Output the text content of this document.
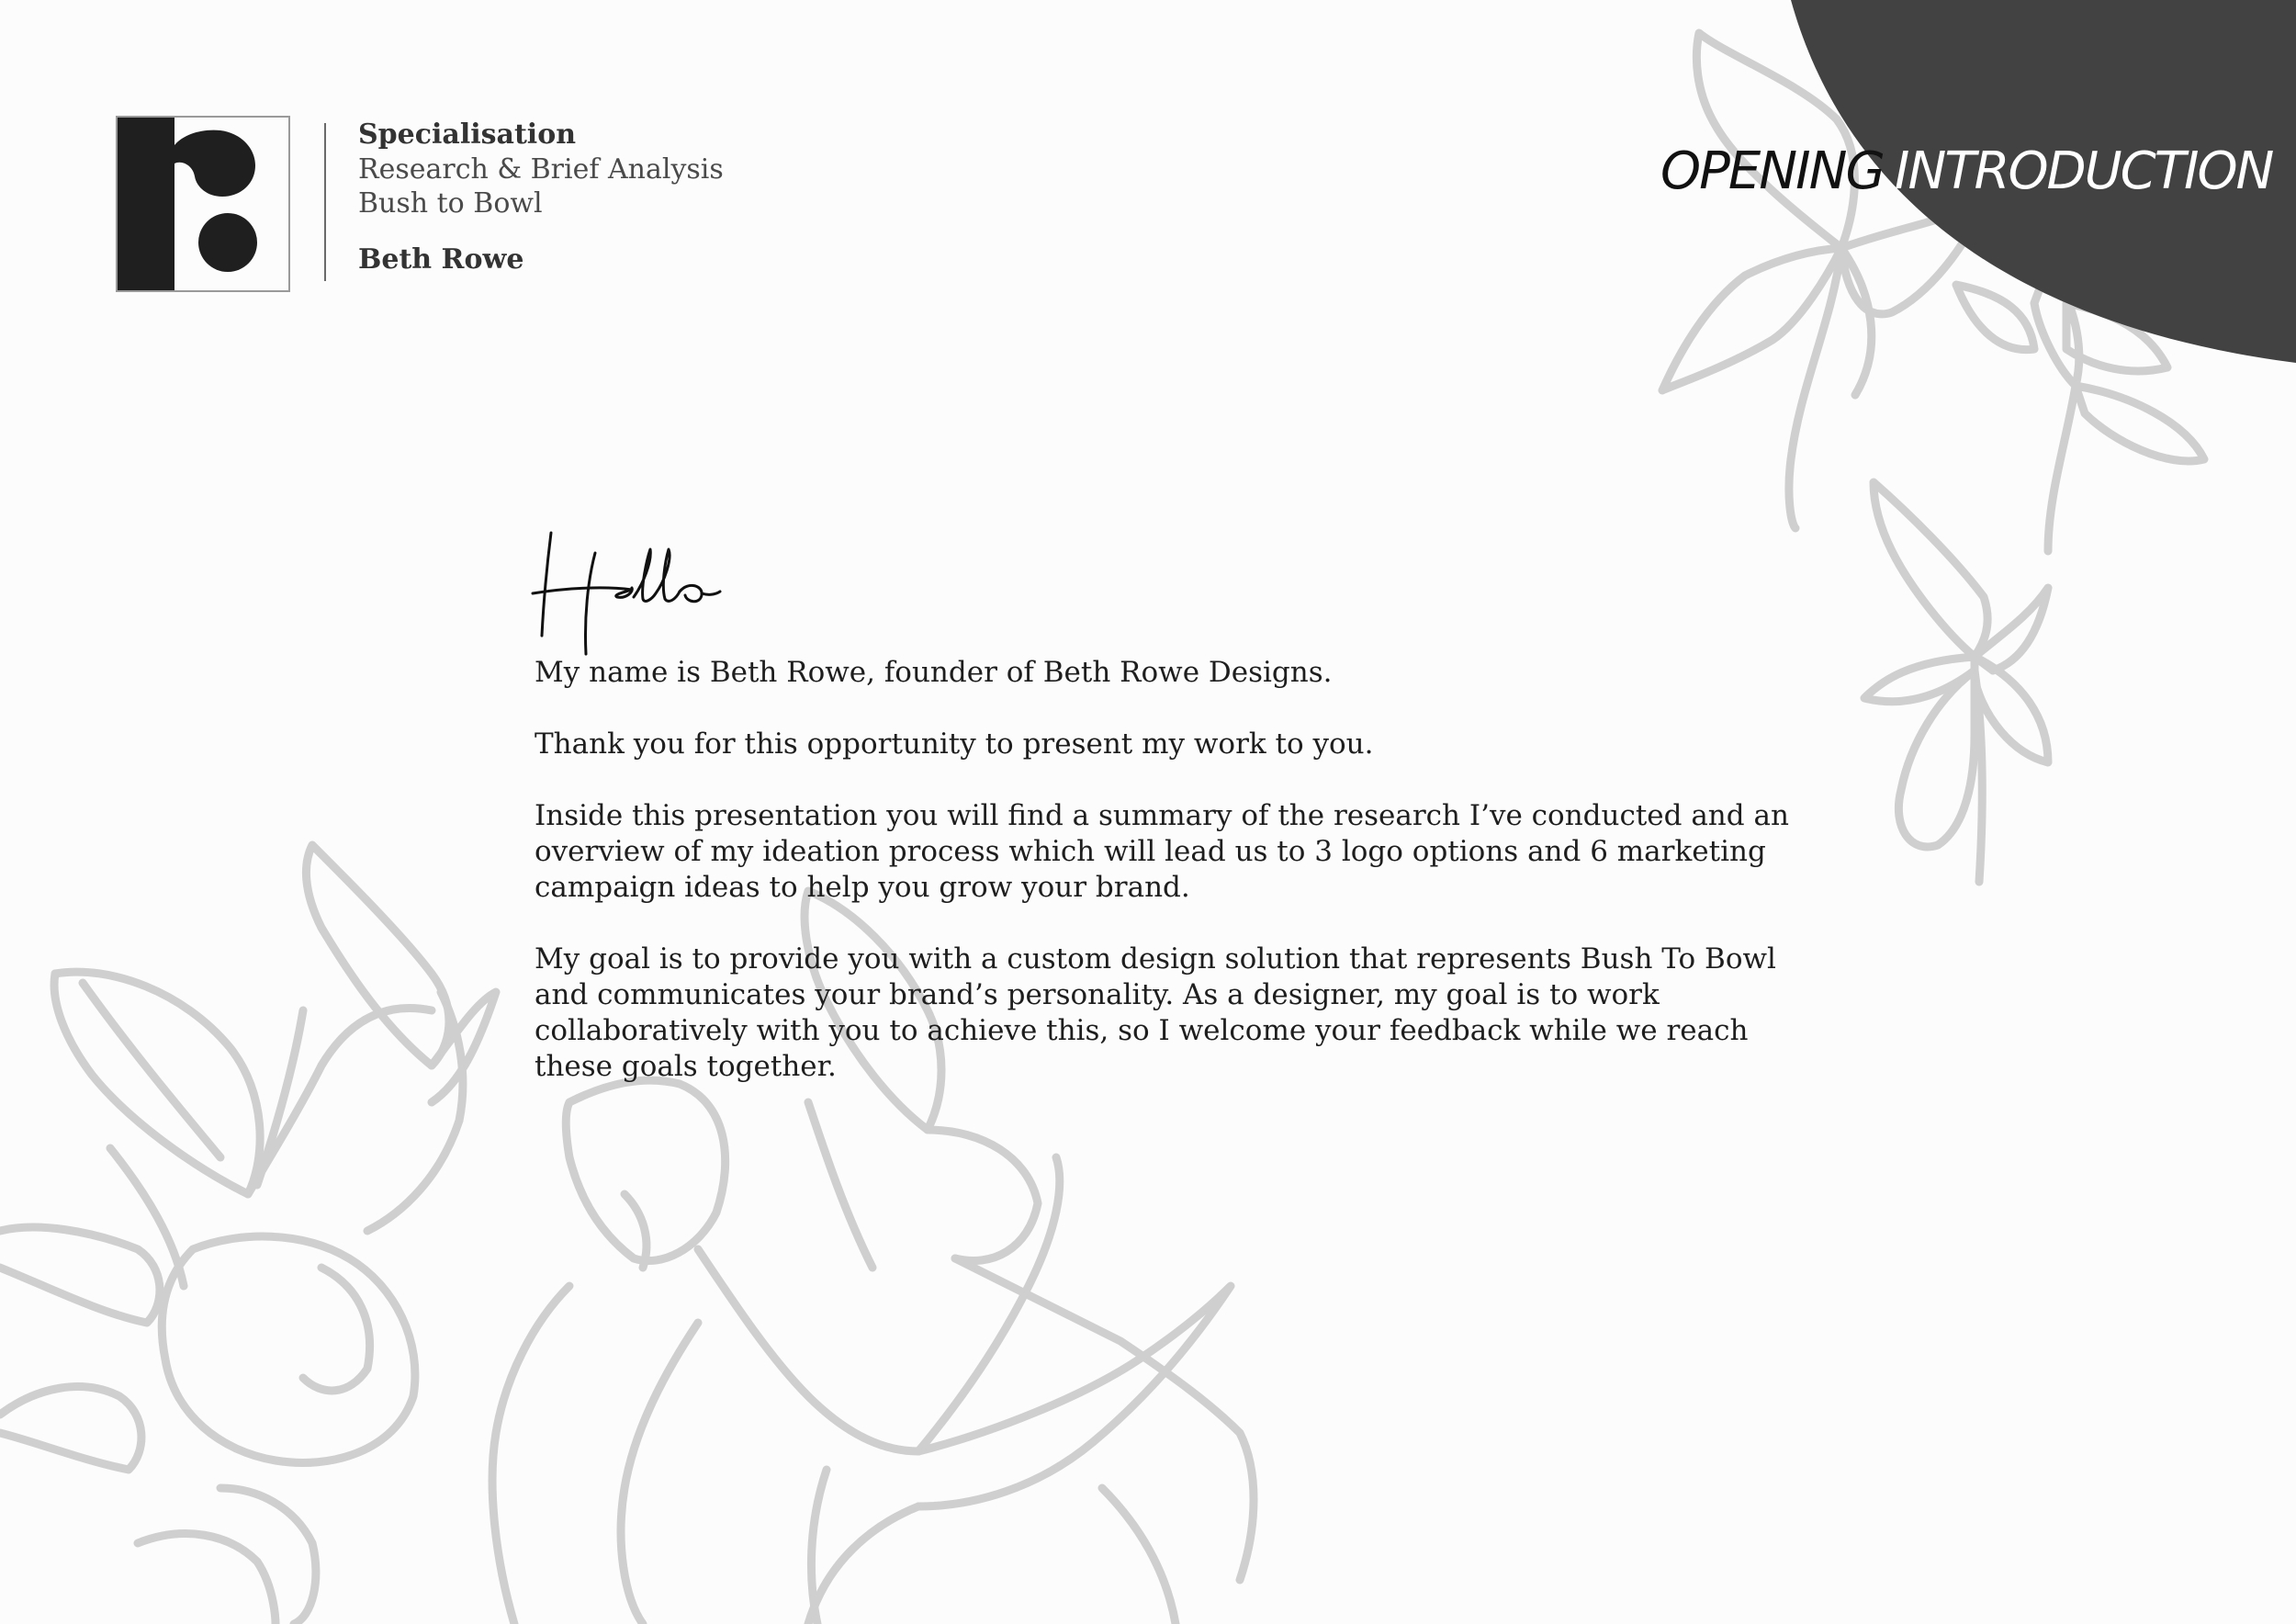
Specialisation
Research & Brief Analysis
Bush to Bowl
Beth Rowe
OPENING INTRODUCTION

My name is Beth Rowe, founder of Beth Rowe Designs.

Thank you for this opportunity to present my work to you.

Inside this presentation you will find a summary of the research I’ve conducted and an overview of my ideation process which will lead us to 3 logo options and 6 marketing campaign ideas to help you grow your brand.

My goal is to provide you with a custom design solution that represents Bush To Bowl and communicates your brand’s personality. As a designer, my goal is to work collaboratively with you to achieve this, so I welcome your feedback while we reach these goals together.
